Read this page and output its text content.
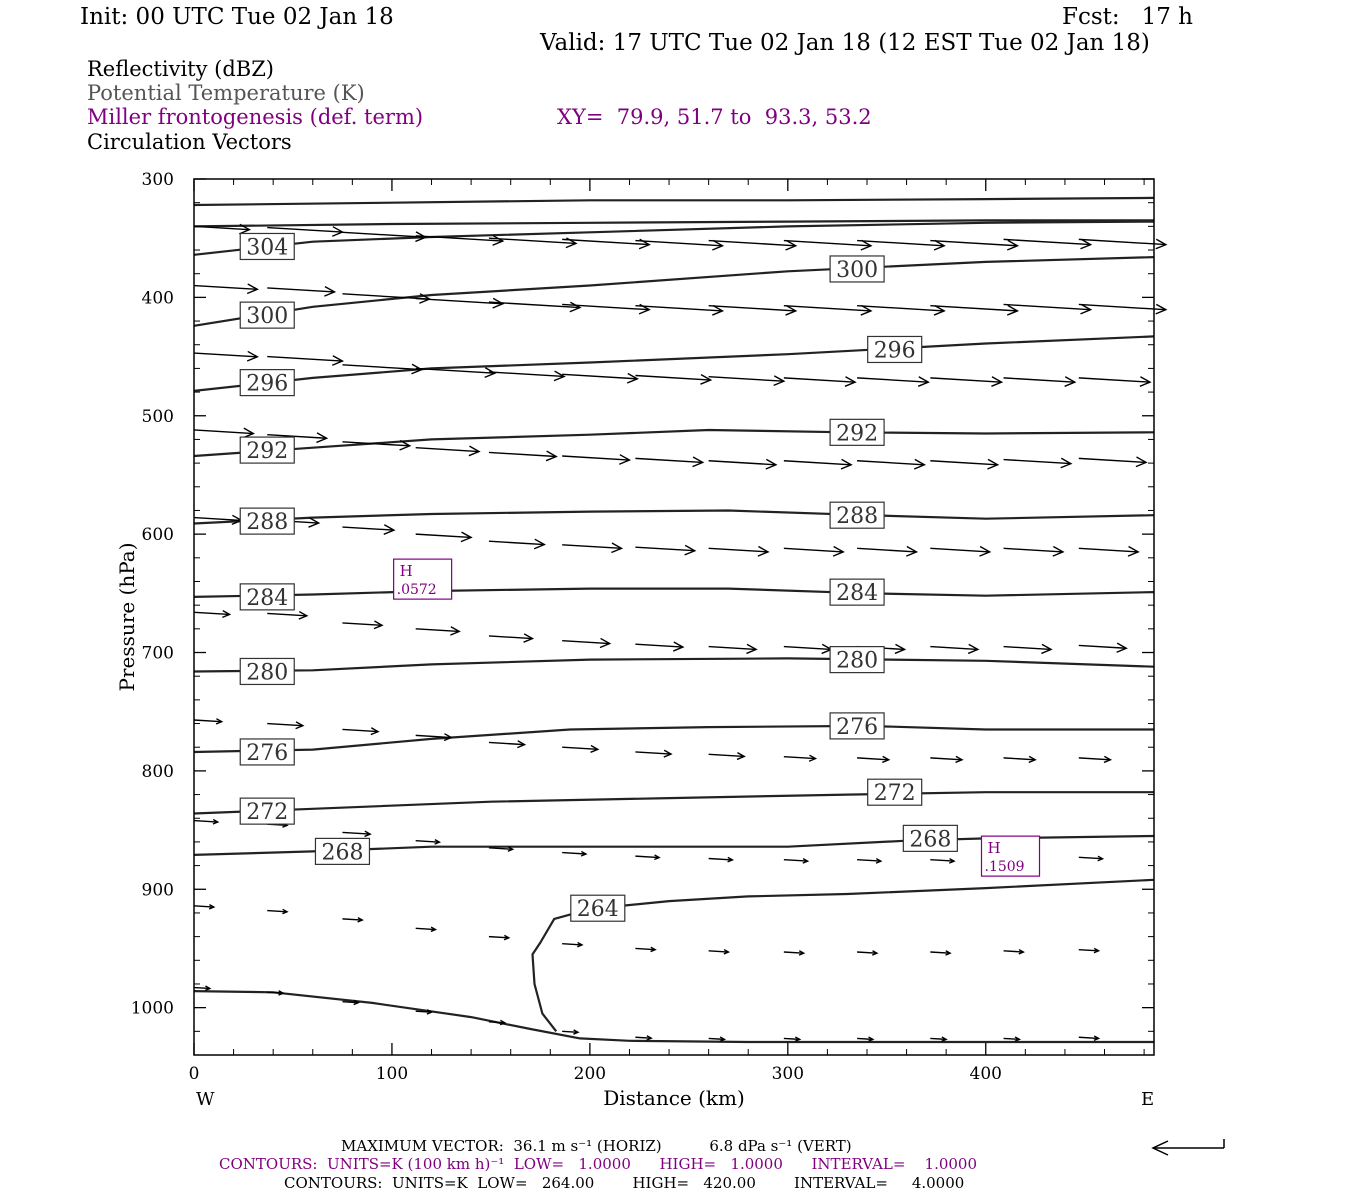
Init: 00 UTC Tue 02 Jan 18	Fcst:   17 h
Valid: 17 UTC Tue 02 Jan 18 (12 EST Tue 02 Jan 18)
Reflectivity (dBZ)
Potential Temperature (K)
Miller frontogenesis (def. term)	XY=  79.9, 51.7 to  93.3, 53.2
Circulation Vectors
304
300
300
296
296
292
292
288	288
284	284
280	280
276
276
272
272
268
268
264
H
.0572
H
.1509
300
400
500
600
700
800
900
1000
0	100	200	300	400
Distance (km)
Pressure (hPa)
W	E
MAXIMUM VECTOR:  36.1 m s⁻¹ (HORIZ)          6.8 dPa s⁻¹ (VERT)
CONTOURS:  UNITS=K (100 km h)⁻¹  LOW=   1.0000      HIGH=   1.0000      INTERVAL=    1.0000
CONTOURS:  UNITS=K  LOW=   264.00        HIGH=   420.00        INTERVAL=     4.0000
